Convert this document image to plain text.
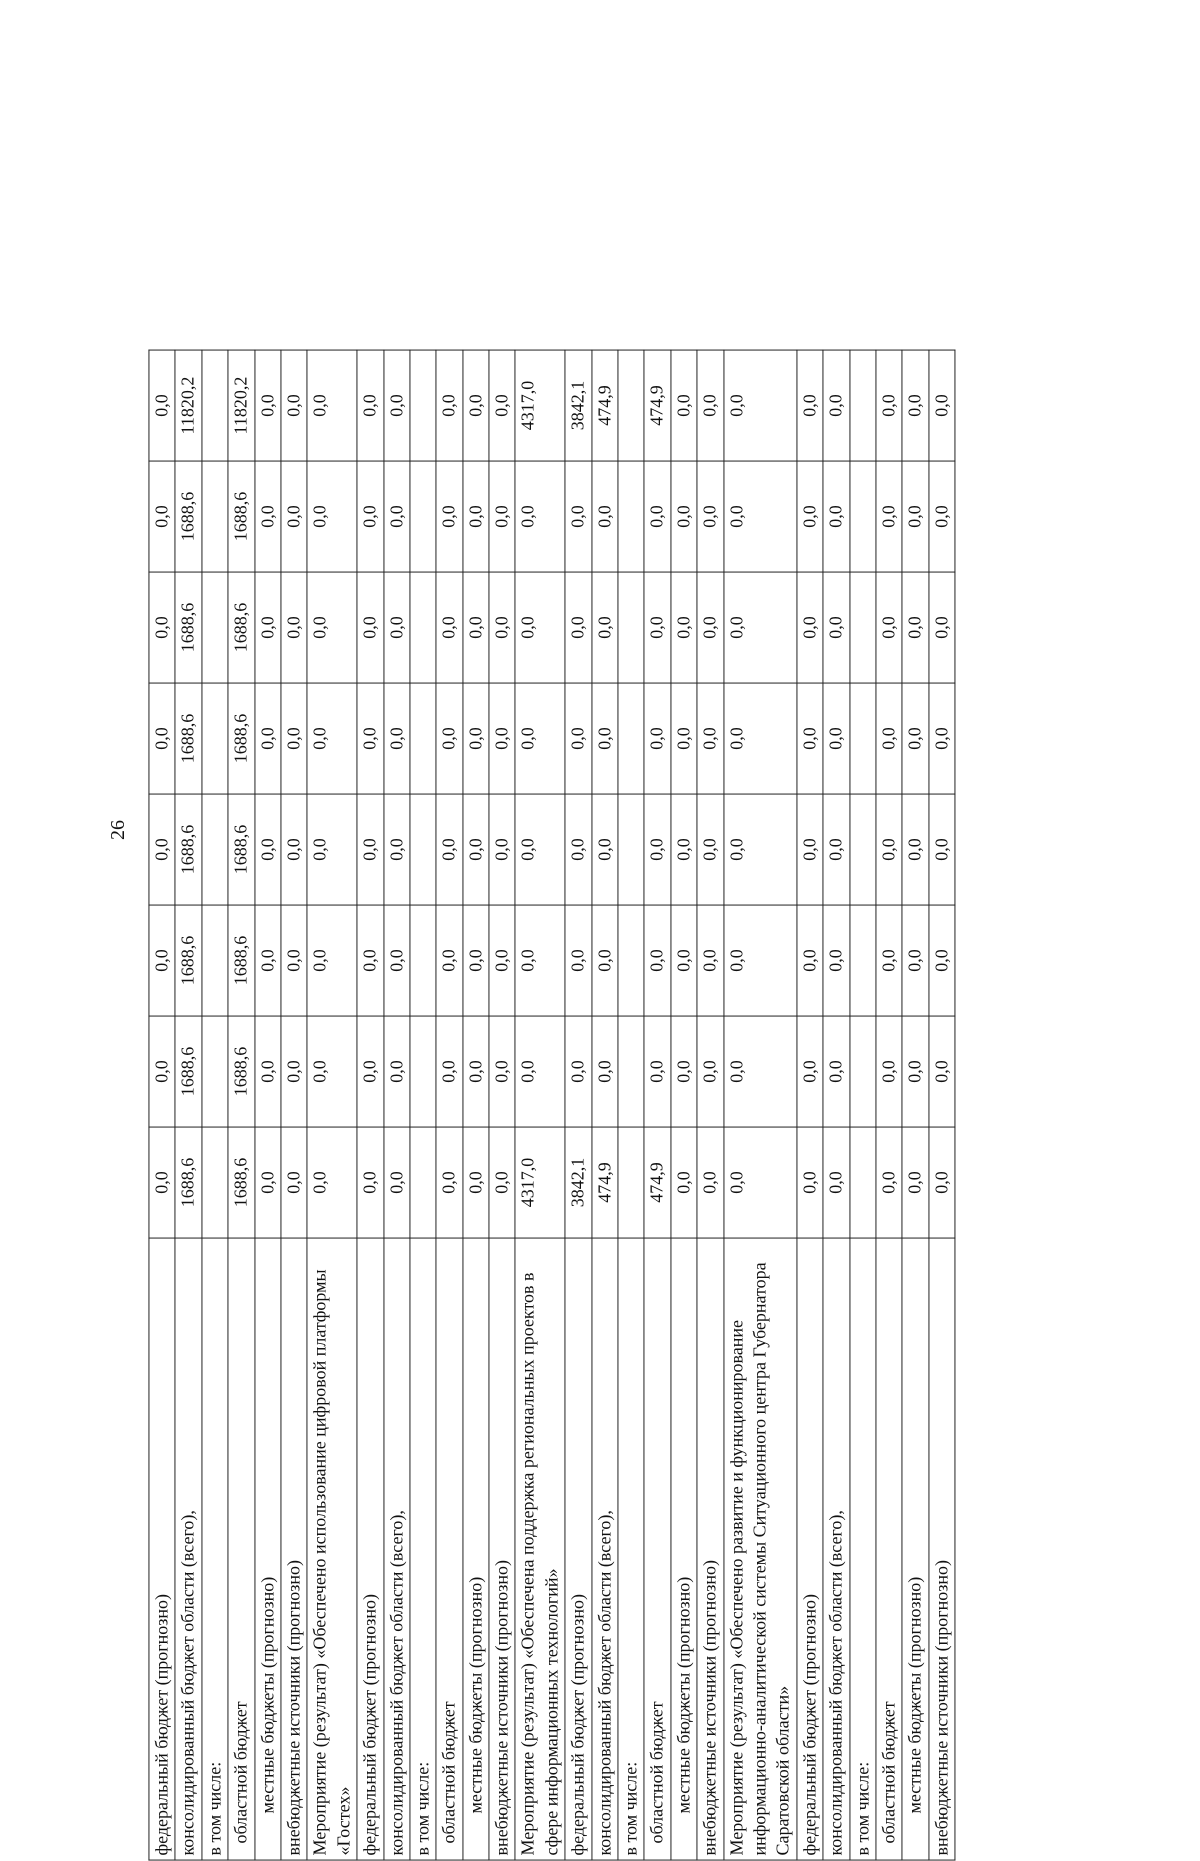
26
федеральный бюджет (прогнозно)	0,0	0,0	0,0	0,0	0,0	0,0	0,0	0,0
консолидированный бюджет области (всего),	1688,6	1688,6	1688,6	1688,6	1688,6	1688,6	1688,6	11820,2
в том числе:								
областной бюджет	1688,6	1688,6	1688,6	1688,6	1688,6	1688,6	1688,6	11820,2
местные бюджеты (прогнозно)	0,0	0,0	0,0	0,0	0,0	0,0	0,0	0,0
внебюджетные источники (прогнозно)	0,0	0,0	0,0	0,0	0,0	0,0	0,0	0,0
Мероприятие (результат) «Обеспечено использование цифровой платформы «Гостех»	0,0	0,0	0,0	0,0	0,0	0,0	0,0	0,0
федеральный бюджет (прогнозно)	0,0	0,0	0,0	0,0	0,0	0,0	0,0	0,0
консолидированный бюджет области (всего),	0,0	0,0	0,0	0,0	0,0	0,0	0,0	0,0
в том числе:								
областной бюджет	0,0	0,0	0,0	0,0	0,0	0,0	0,0	0,0
местные бюджеты (прогнозно)	0,0	0,0	0,0	0,0	0,0	0,0	0,0	0,0
внебюджетные источники (прогнозно)	0,0	0,0	0,0	0,0	0,0	0,0	0,0	0,0
Мероприятие (результат) «Обеспечена поддержка региональных проектов в сфере информационных технологий»	4317,0	0,0	0,0	0,0	0,0	0,0	0,0	4317,0
федеральный бюджет (прогнозно)	3842,1	0,0	0,0	0,0	0,0	0,0	0,0	3842,1
консолидированный бюджет области (всего),	474,9	0,0	0,0	0,0	0,0	0,0	0,0	474,9
в том числе:								
областной бюджет	474,9	0,0	0,0	0,0	0,0	0,0	0,0	474,9
местные бюджеты (прогнозно)	0,0	0,0	0,0	0,0	0,0	0,0	0,0	0,0
внебюджетные источники (прогнозно)	0,0	0,0	0,0	0,0	0,0	0,0	0,0	0,0
Мероприятие (результат) «Обеспечено развитие и функционирование информационно-аналитической системы Ситуационного центра Губернатора Саратовской области»	0,0	0,0	0,0	0,0	0,0	0,0	0,0	0,0
федеральный бюджет (прогнозно)	0,0	0,0	0,0	0,0	0,0	0,0	0,0	0,0
консолидированный бюджет области (всего),	0,0	0,0	0,0	0,0	0,0	0,0	0,0	0,0
в том числе:								
областной бюджет	0,0	0,0	0,0	0,0	0,0	0,0	0,0	0,0
местные бюджеты (прогнозно)	0,0	0,0	0,0	0,0	0,0	0,0	0,0	0,0
внебюджетные источники (прогнозно)	0,0	0,0	0,0	0,0	0,0	0,0	0,0	0,0
